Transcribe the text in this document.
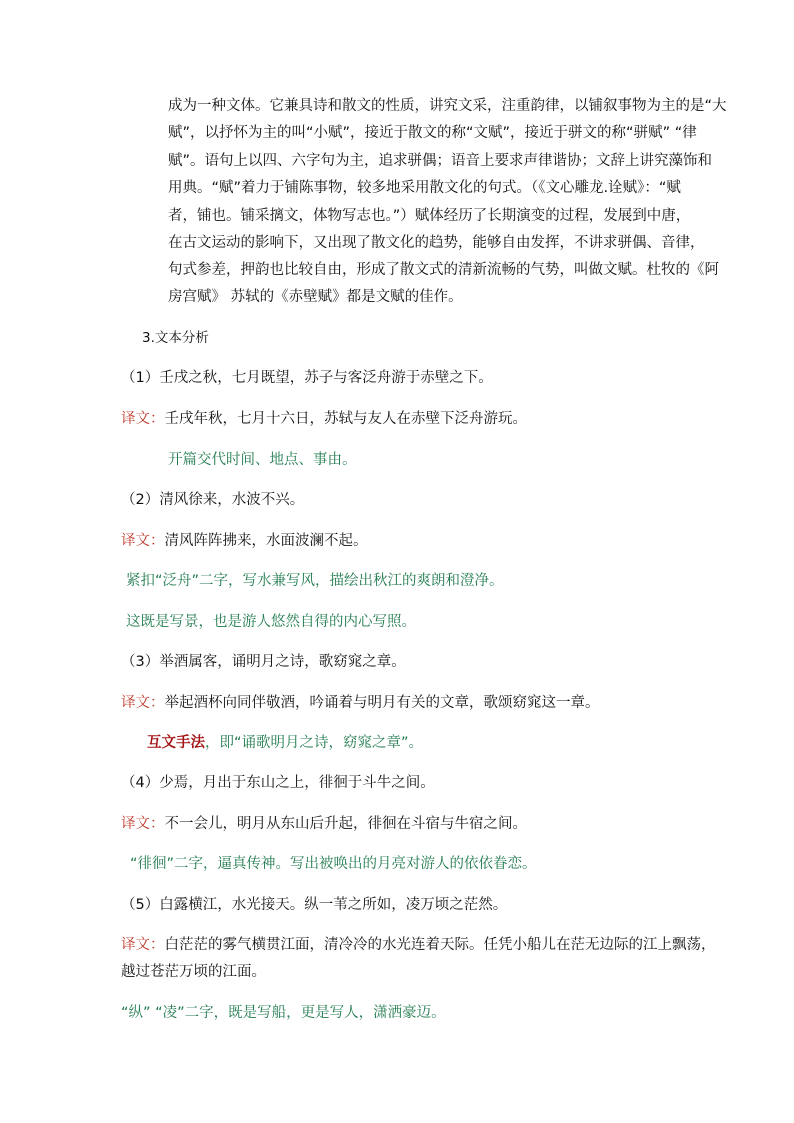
成为一种文体。它兼具诗和散文的性质，讲究文采，注重韵律，以铺叙事物为主的是“大
赋”，以抒怀为主的叫“小赋”，接近于散文的称“文赋”，接近于骈文的称“骈赋” “律
赋”。语句上以四、六字句为主，追求骈偶；语音上要求声律谐协；文辞上讲究藻饰和
用典。“赋”着力于铺陈事物，较多地采用散文化的句式。（《文心雕龙.诠赋》：“赋
者，铺也。铺采摛文，体物写志也。”）赋体经历了长期演变的过程，发展到中唐，
在古文运动的影响下，又出现了散文化的趋势，能够自由发挥，不讲求骈偶、音律，
句式参差，押韵也比较自由，形成了散文式的清新流畅的气势，叫做文赋。杜牧的《阿
房宫赋》 苏轼的《赤壁赋》都是文赋的佳作。
3.文本分析
（1）壬戌之秋，七月既望，苏子与客泛舟游于赤壁之下。
译文：壬戌年秋，七月十六日，苏轼与友人在赤壁下泛舟游玩。
开篇交代时间、地点、事由。
（2）清风徐来，水波不兴。
译文：清风阵阵拂来，水面波澜不起。
紧扣“泛舟”二字，写水兼写风，描绘出秋江的爽朗和澄净。
这既是写景，也是游人悠然自得的内心写照。
（3）举酒属客，诵明月之诗，歌窈窕之章。
译文：举起酒杯向同伴敬酒，吟诵着与明月有关的文章，歌颂窈窕这一章。
互文手法，即“诵歌明月之诗，窈窕之章”。
（4）少焉，月出于东山之上，徘徊于斗牛之间。
译文：不一会儿，明月从东山后升起，徘徊在斗宿与牛宿之间。
“徘徊”二字，逼真传神。写出被唤出的月亮对游人的依依眷恋。
（5）白露横江，水光接天。纵一苇之所如，凌万顷之茫然。
译文：白茫茫的雾气横贯江面，清冷冷的水光连着天际。任凭小船儿在茫无边际的江上飘荡，
越过苍茫万顷的江面。
“纵” “凌”二字，既是写船，更是写人，潇洒豪迈。
